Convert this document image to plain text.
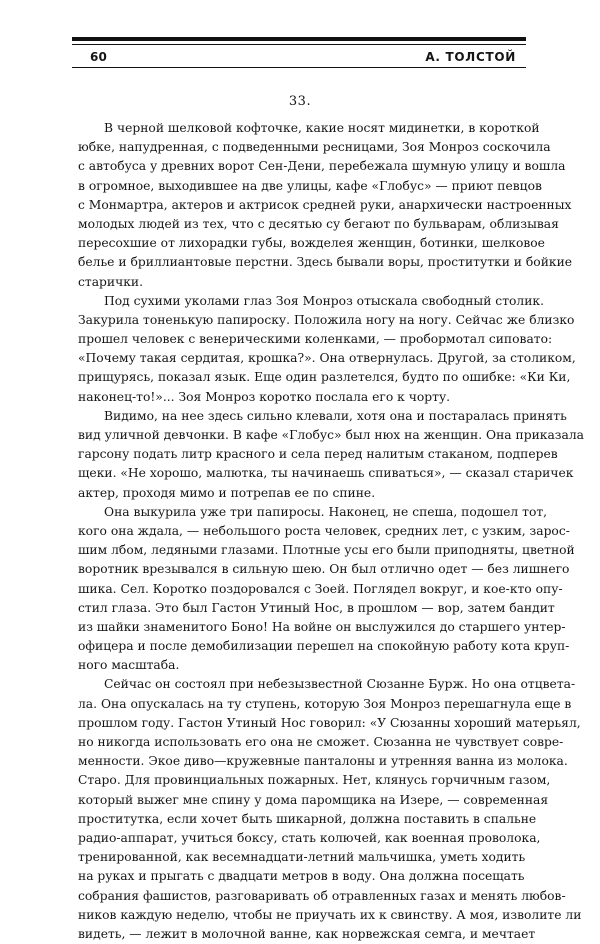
60	А. ТОЛСТОЙ
33.
В черной шелковой кофточке, какие носят мидинетки, в короткой
юбке, напудренная, с подведенными ресницами, Зоя Монроз соскочила
с автобуса у древних ворот Сен-Дени, перебежала шумную улицу и вошла
в огромное, выходившее на две улицы, кафе «Глобус» — приют певцов
с Монмартра, актеров и актрисок средней руки, анархически настроенных
молодых людей из тех, что с десятью су бегают по бульварам, облизывая
пересохшие от лихорадки губы, вожделея женщин, ботинки, шелковое
белье и бриллиантовые перстни. Здесь бывали воры, проститутки и бойкие
старички.
Под сухими уколами глаз Зоя Монроз отыскала свободный столик.
Закурила тоненькую папироску. Положила ногу на ногу. Сейчас же близко
прошел человек с венерическими коленками, — пробормотал сиповато:
«Почему такая сердитая, крошка?». Она отвернулась. Другой, за столиком,
прищурясь, показал язык. Еще один разлетелся, будто по ошибке: «Ки Ки,
наконец-то!»... Зоя Монроз коротко послала его к чорту.
Видимо, на нее здесь сильно клевали, хотя она и постаралась принять
вид уличной девчонки. В кафе «Глобус» был нюх на женщин. Она приказала
гарсону подать литр красного и села перед налитым стаканом, подперев
щеки. «Не хорошо, малютка, ты начинаешь спиваться», — сказал старичек
актер, проходя мимо и потрепав ее по спине.
Она выкурила уже три папиросы. Наконец, не спеша, подошел тот,
кого она ждала, — небольшого роста человек, средних лет, с узким, зарос-
шим лбом, ледяными глазами. Плотные усы его были приподняты, цветной
воротник врезывался в сильную шею. Он был отлично одет — без лишнего
шика. Сел. Коротко поздоровался с Зоей. Поглядел вокруг, и кое-кто опу-
стил глаза. Это был Гастон Утиный Нос, в прошлом — вор, затем бандит
из шайки знаменитого Боно! На войне он выслужился до старшего унтер-
офицера и после демобилизации перешел на спокойную работу кота круп-
ного масштаба.
Сейчас он состоял при небезызвестной Сюзанне Бурж. Но она отцвета-
ла. Она опускалась на ту ступень, которую Зоя Монроз перешагнула еще в
прошлом году. Гастон Утиный Нос говорил: «У Сюзанны хороший матерьял,
но никогда использовать его она не сможет. Сюзанна не чувствует совре-
менности. Экое диво—кружевные панталоны и утренняя ванна из молока.
Старо. Для провинциальных пожарных. Нет, клянусь горчичным газом,
который выжег мне спину у дома паромщика на Изере, — современная
проститутка, если хочет быть шикарной, должна поставить в спальне
радио-аппарат, учиться боксу, стать колючей, как военная проволока,
тренированной, как весемнадцати-летний мальчишка, уметь ходить
на руках и прыгать с двадцати метров в воду. Она должна посещать
собрания фашистов, разговаривать об отравленных газах и менять любов-
ников каждую неделю, чтобы не приучать их к свинству. А моя, изволите ли
видеть, — лежит в молочной ванне, как норвежская семга, и мечтает
